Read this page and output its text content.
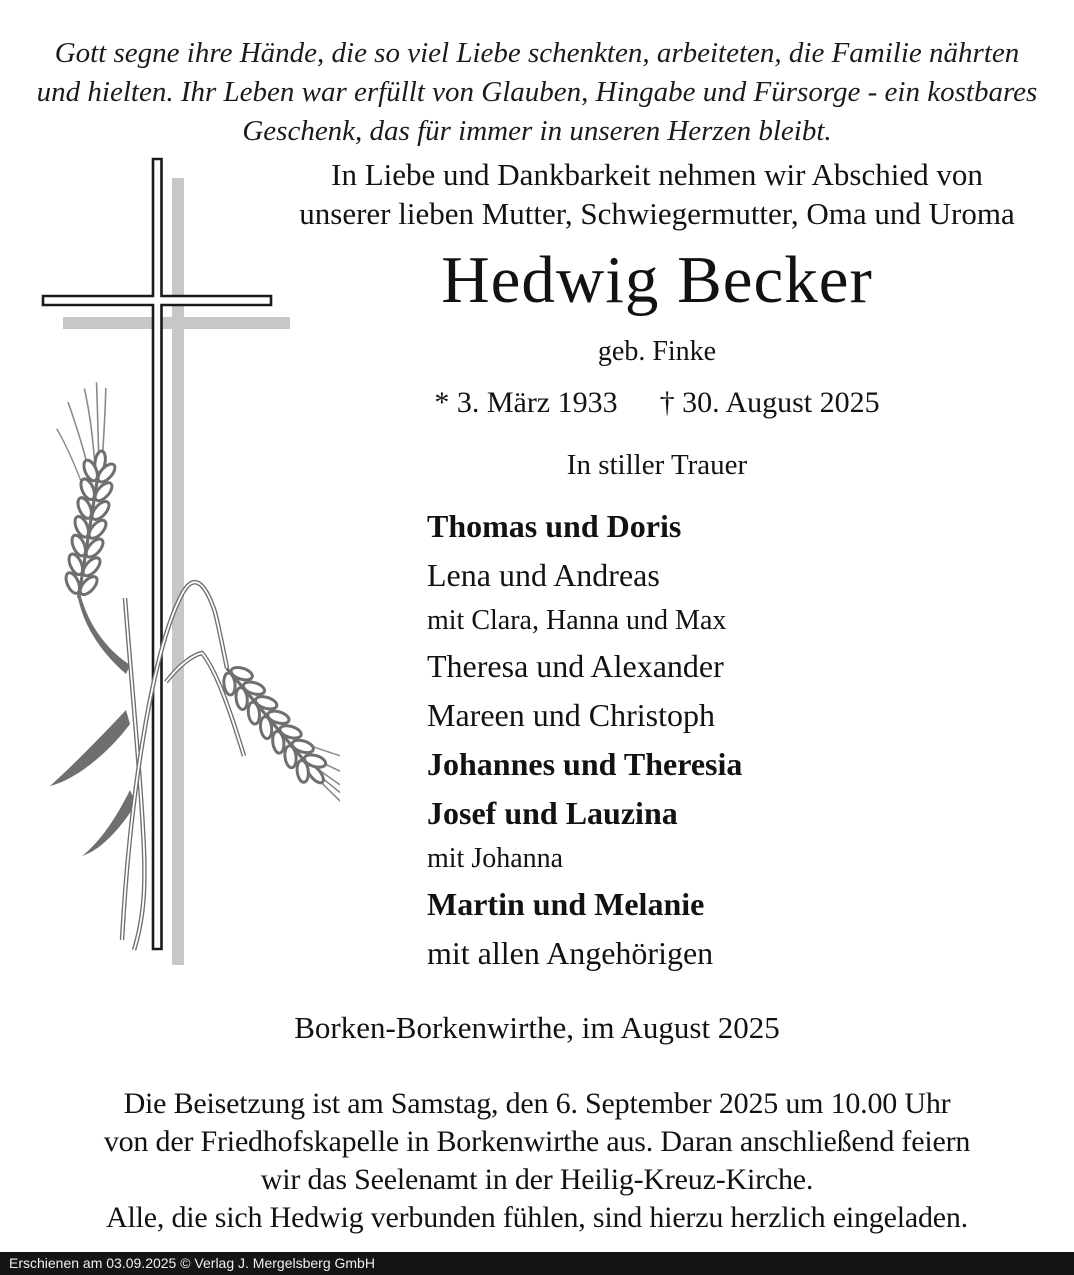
Gott segne ihre Hände, die so viel Liebe schenkten, arbeiteten, die Familie nährten
und hielten. Ihr Leben war erfüllt von Glauben, Hingabe und Fürsorge - ein kostbares
Geschenk, das für immer in unseren Herzen bleibt.
In Liebe und Dankbarkeit nehmen wir Abschied von
unserer lieben Mutter, Schwiegermutter, Oma und Uroma
Hedwig Becker
geb. Finke
* 3. März 1933 † 30. August 2025
In stiller Trauer
Thomas und Doris
Lena und Andreas
mit Clara, Hanna und Max
Theresa und Alexander
Mareen und Christoph
Johannes und Theresia
Josef und Lauzina
mit Johanna
Martin und Melanie
mit allen Angehörigen
Borken-Borkenwirthe, im August 2025
Die Beisetzung ist am Samstag, den 6. September 2025 um 10.00 Uhr
von der Friedhofskapelle in Borkenwirthe aus. Daran anschließend feiern
wir das Seelenamt in der Heilig-Kreuz-Kirche.
Alle, die sich Hedwig verbunden fühlen, sind hierzu herzlich eingeladen.
Erschienen am 03.09.2025 © Verlag J. Mergelsberg GmbH
